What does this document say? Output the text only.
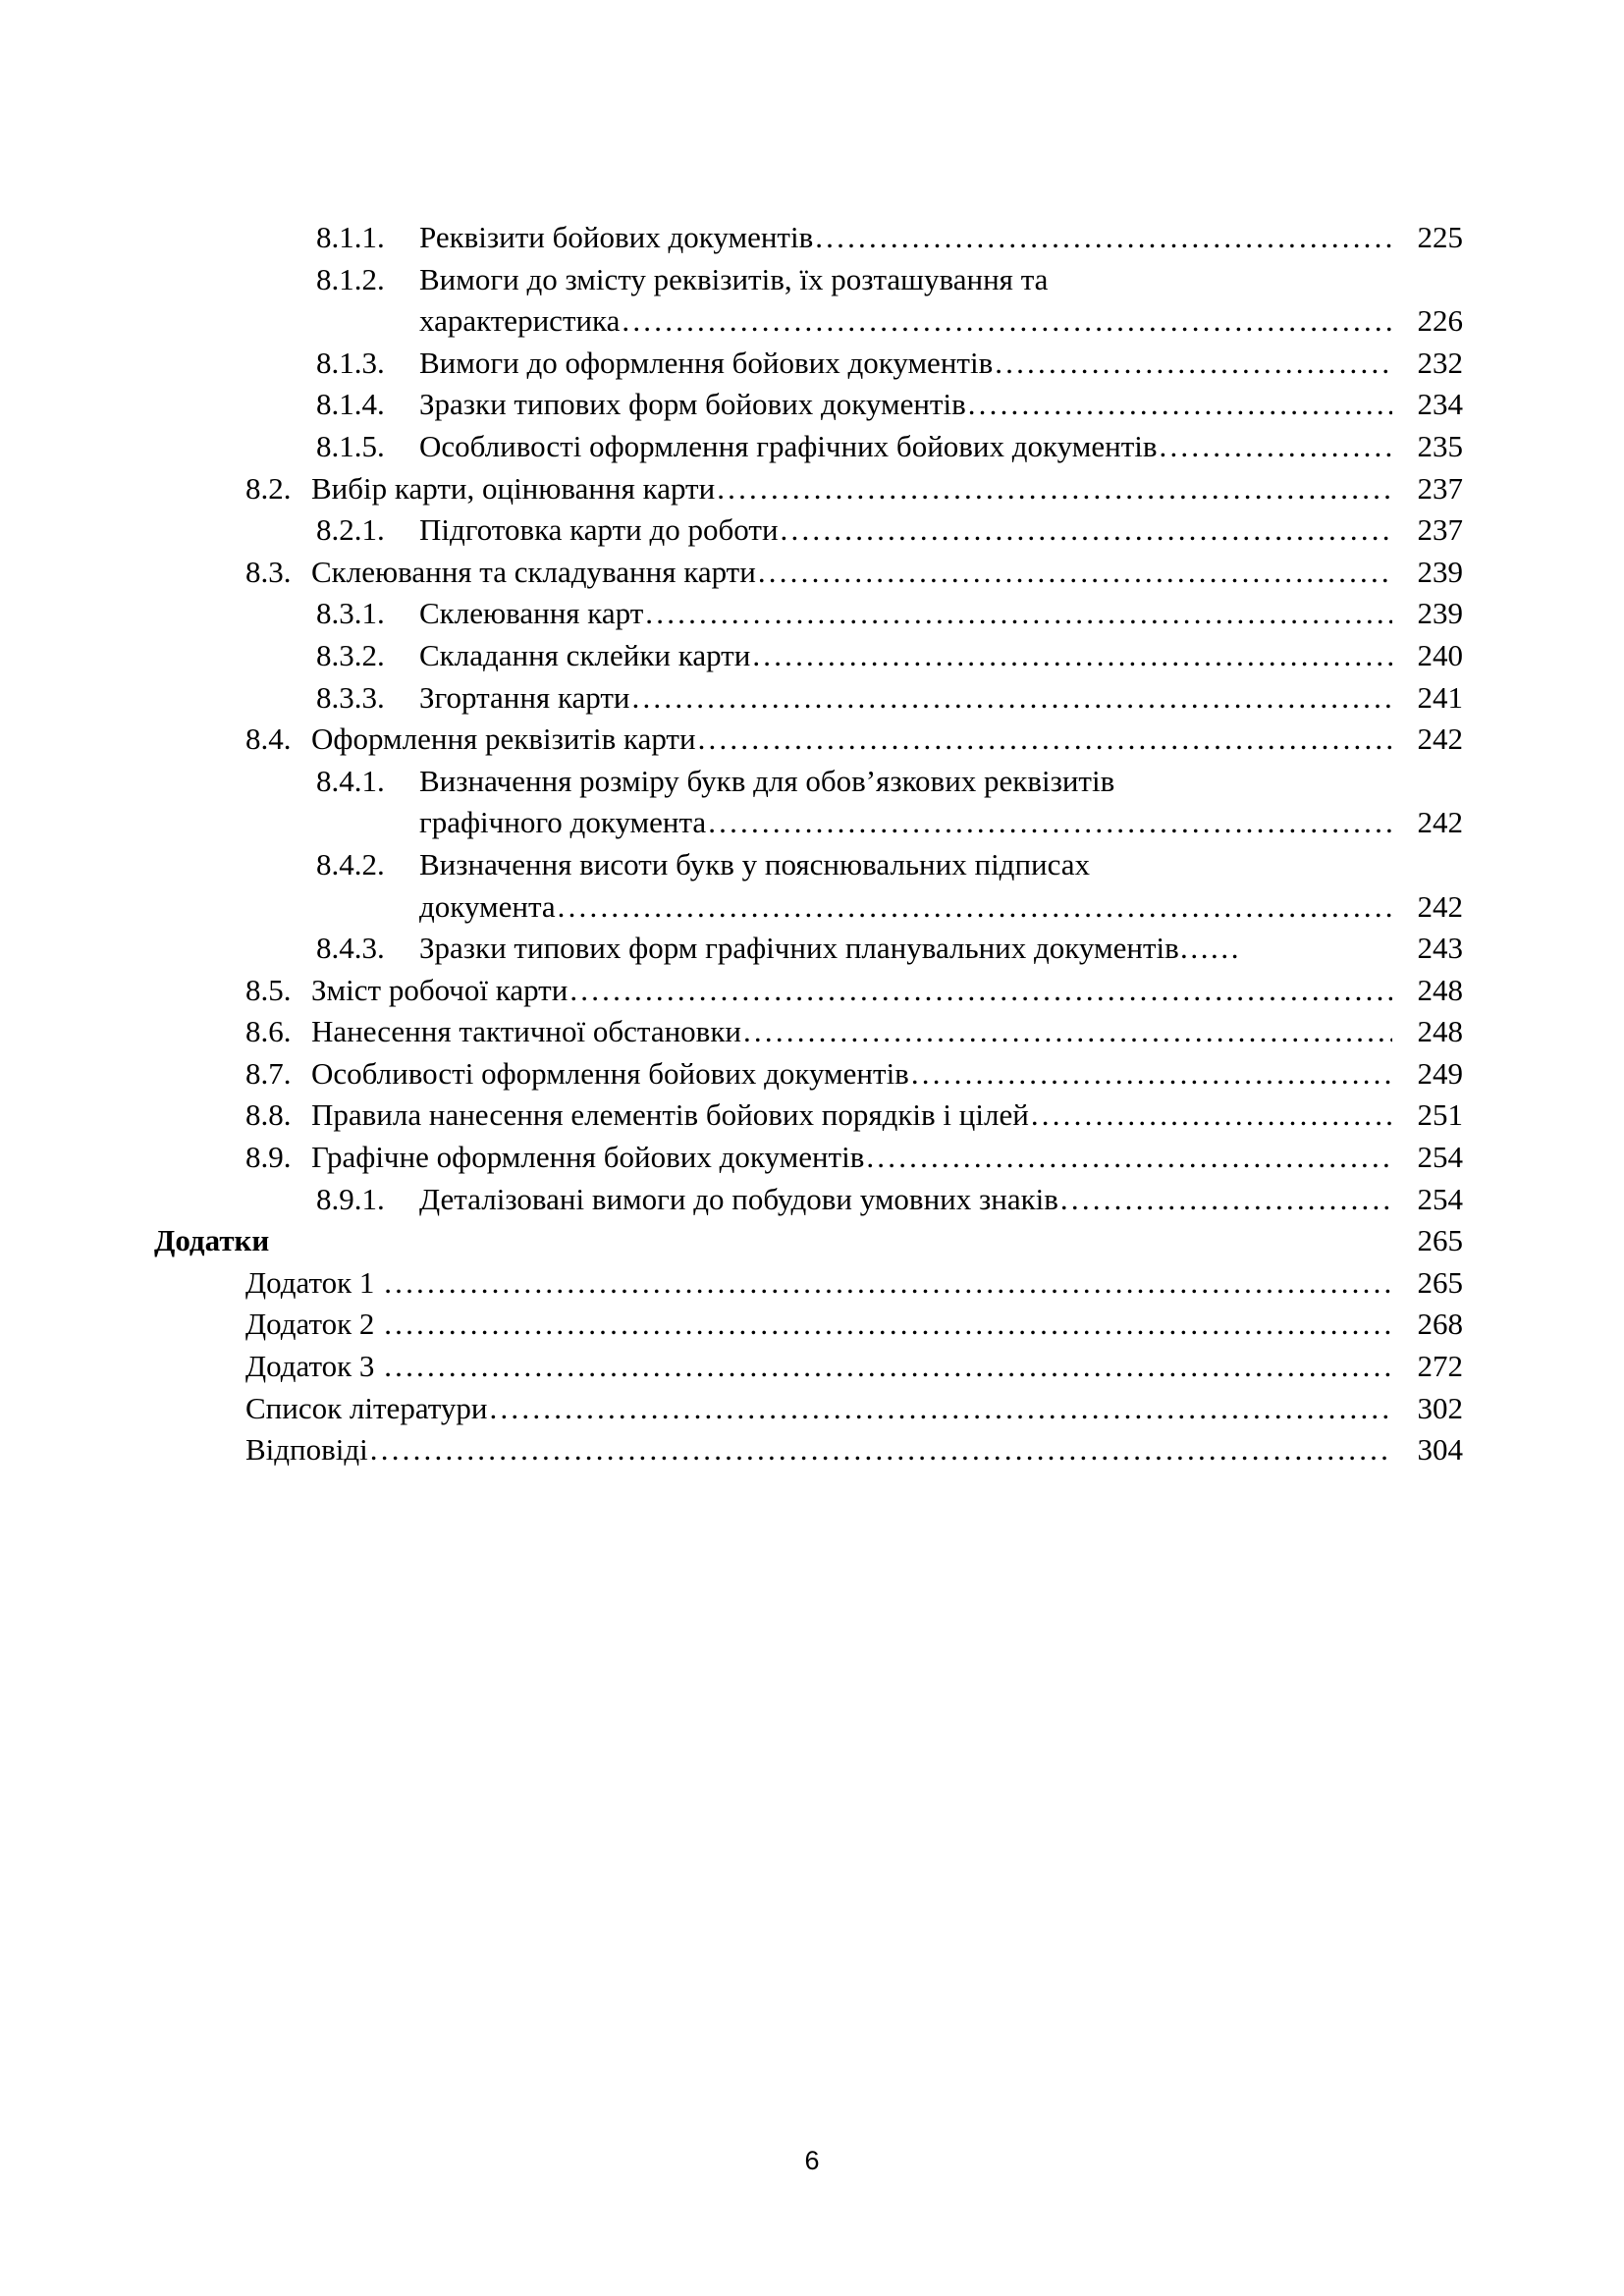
8.1.1.	Реквізити бойових документів .....	225
8.1.2.	Вимоги до змісту реквізитів, їх розташування та
характеристика .....	226
8.1.3.	Вимоги до оформлення бойових документів .....	232
8.1.4.	Зразки типових форм бойових документів .....	234
8.1.5.	Особливості оформлення графічних бойових документів .....	235
8.2. Вибір карти, оцінювання карти .....	237
8.2.1.	Підготовка карти до роботи .....	237
8.3. Склеювання та складування карти .....	239
8.3.1.	Склеювання карт .....	239
8.3.2.	Складання склейки карти .....	240
8.3.3.	Згортання карти .....	241
8.4. Оформлення реквізитів карти .....	242
8.4.1.	Визначення розміру букв для обов’язкових реквізитів
графічного документа .....	242
8.4.2.	Визначення висоти букв у пояснювальних підписах
документа .....	242
8.4.3.	Зразки типових форм графічних планувальних документів……	243
8.5. Зміст робочої карти .....	248
8.6. Нанесення тактичної обстановки .....	248
8.7. Особливості оформлення бойових документів .....	249
8.8. Правила нанесення елементів бойових порядків і цілей .....	251
8.9. Графічне оформлення бойових документів .....	254
8.9.1.	Деталізовані вимоги до побудови умовних знаків .....	254
Додатки	265
Додаток 1 .....	265
Додаток 2 .....	268
Додаток 3 .....	272
Список літератури .....	302
Відповіді .....	304
6
